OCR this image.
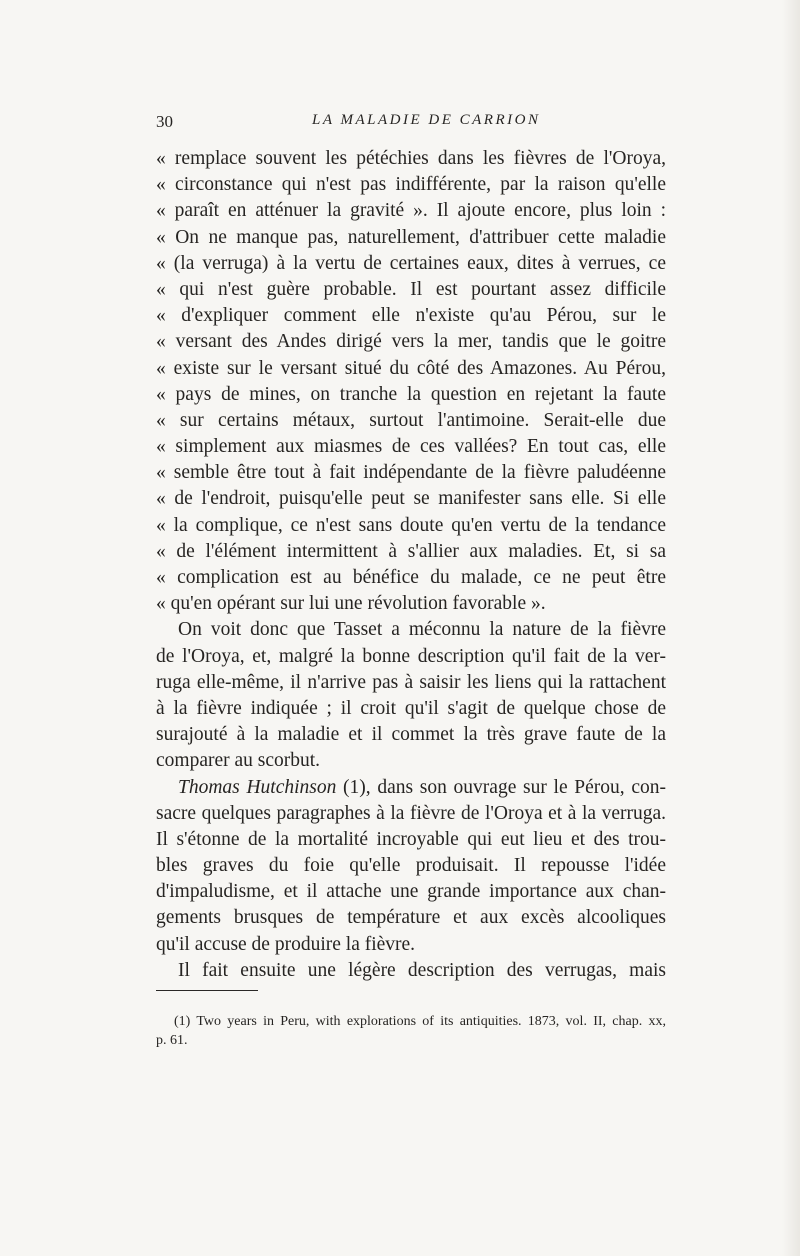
30	LA MALADIE DE CARRION
« remplace souvent les pétéchies dans les fièvres de l'Oroya,
« circonstance qui n'est pas indifférente, par la raison qu'elle
« paraît en atténuer la gravité ». Il ajoute encore, plus loin :
« On ne manque pas, naturellement, d'attribuer cette maladie
« (la verruga) à la vertu de certaines eaux, dites à verrues, ce
« qui n'est guère probable. Il est pourtant assez difficile
« d'expliquer comment elle n'existe qu'au Pérou, sur le
« versant des Andes dirigé vers la mer, tandis que le goitre
« existe sur le versant situé du côté des Amazones. Au Pérou,
« pays de mines, on tranche la question en rejetant la faute
« sur certains métaux, surtout l'antimoine. Serait-elle due
« simplement aux miasmes de ces vallées? En tout cas, elle
« semble être tout à fait indépendante de la fièvre paludéenne
« de l'endroit, puisqu'elle peut se manifester sans elle. Si elle
« la complique, ce n'est sans doute qu'en vertu de la tendance
« de l'élément intermittent à s'allier aux maladies. Et, si sa
« complication est au bénéfice du malade, ce ne peut être
« qu'en opérant sur lui une révolution favorable ».
On voit donc que Tasset a méconnu la nature de la fièvre
de l'Oroya, et, malgré la bonne description qu'il fait de la ver-
ruga elle-même, il n'arrive pas à saisir les liens qui la rattachent
à la fièvre indiquée ; il croit qu'il s'agit de quelque chose de
surajouté à la maladie et il commet la très grave faute de la
comparer au scorbut.
Thomas Hutchinson (1), dans son ouvrage sur le Pérou, con-
sacre quelques paragraphes à la fièvre de l'Oroya et à la verruga.
Il s'étonne de la mortalité incroyable qui eut lieu et des trou-
bles graves du foie qu'elle produisait. Il repousse l'idée
d'impaludisme, et il attache une grande importance aux chan-
gements brusques de température et aux excès alcooliques
qu'il accuse de produire la fièvre.
Il fait ensuite une légère description des verrugas, mais
(1) Two years in Peru, with explorations of its antiquities. 1873, vol. II, chap. xx,
p. 61.
